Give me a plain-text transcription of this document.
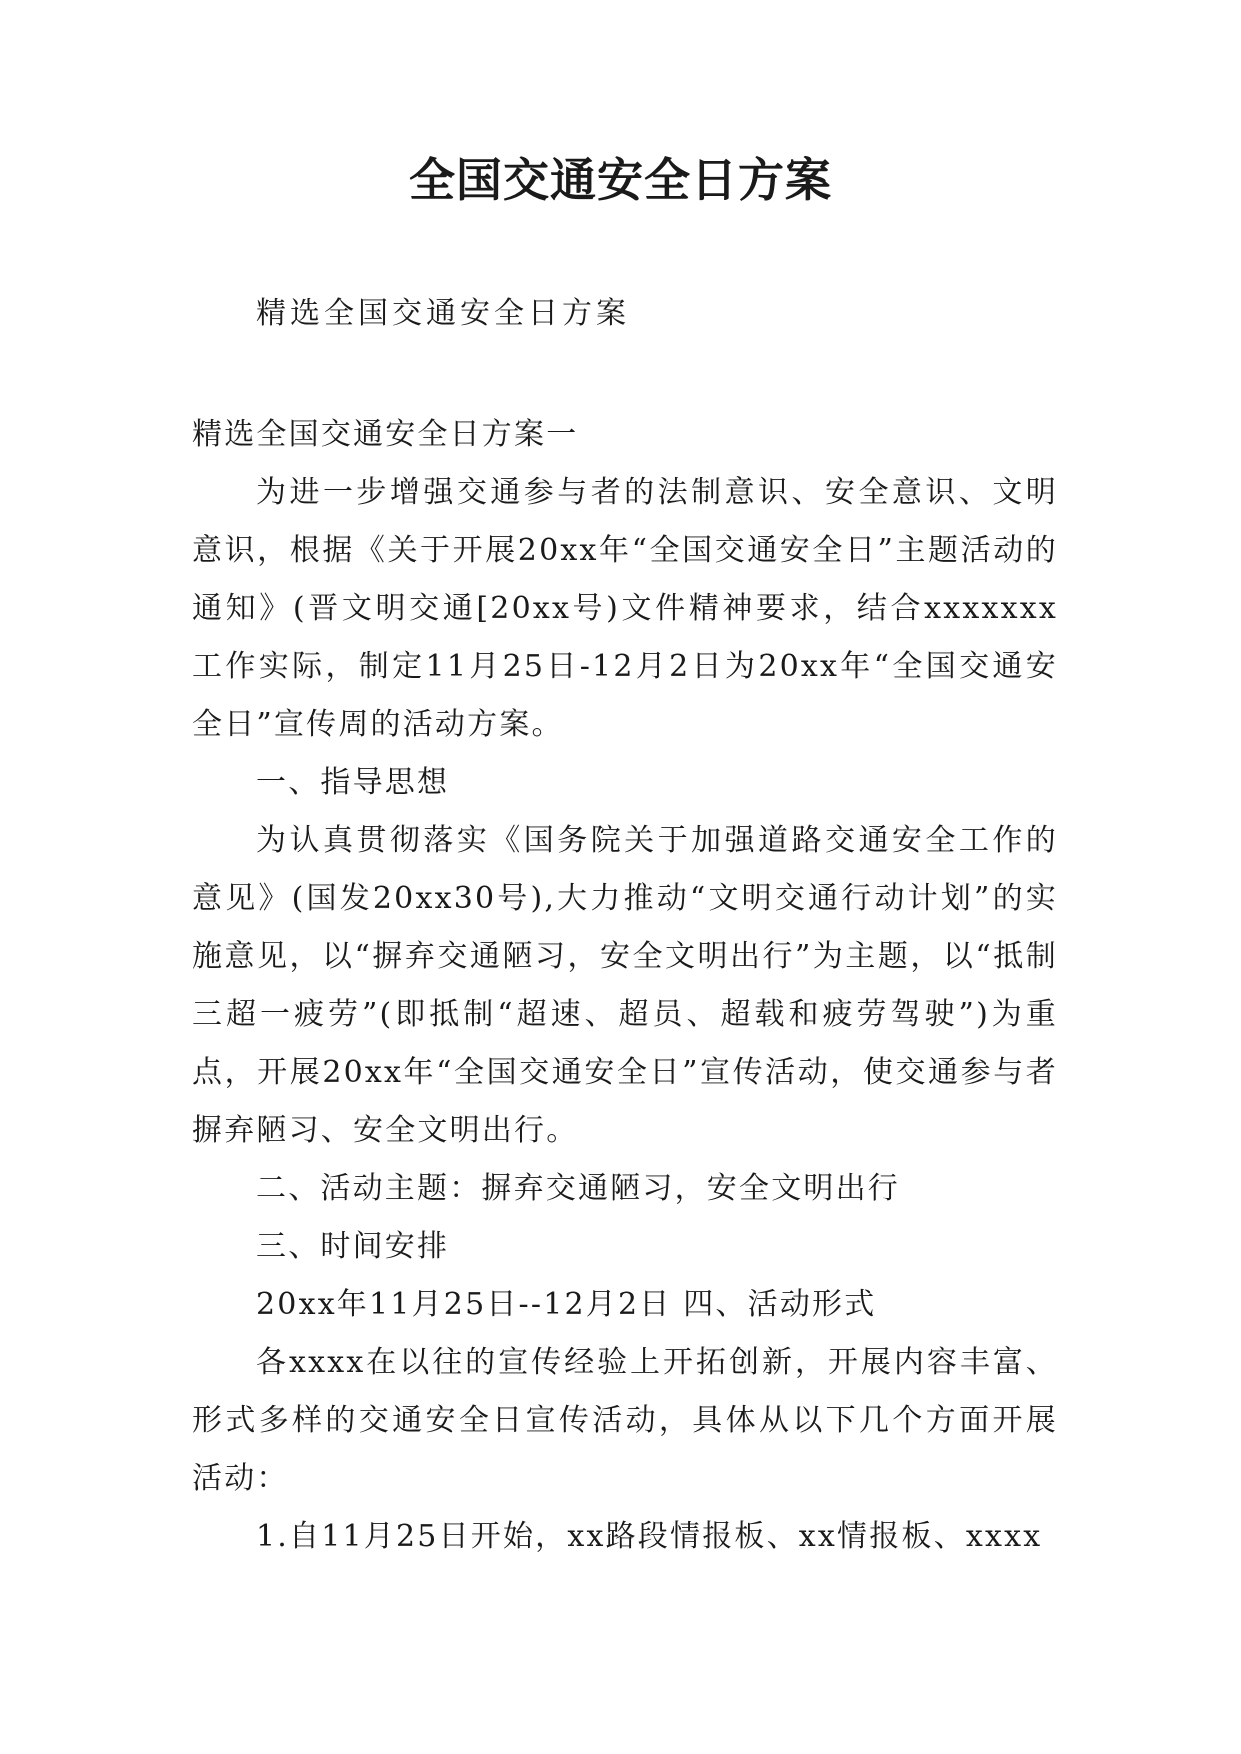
全国交通安全日方案

精选全国交通安全日方案

精选全国交通安全日方案一

为进一步增强交通参与者的法制意识、安全意识、文明意识，根据《关于开展20xx年“全国交通安全日”主题活动的通知》(晋文明交通[20xx号)文件精神要求，结合xxxxxxx工作实际，制定11月25日-12月2日为20xx年“全国交通安全日”宣传周的活动方案。

一、指导思想

为认真贯彻落实《国务院关于加强道路交通安全工作的意见》(国发20xx30号),大力推动“文明交通行动计划”的实施意见，以“摒弃交通陋习，安全文明出行”为主题，以“抵制三超一疲劳”(即抵制“超速、超员、超载和疲劳驾驶”)为重点，开展20xx年“全国交通安全日”宣传活动，使交通参与者摒弃陋习、安全文明出行。

二、活动主题：摒弃交通陋习，安全文明出行

三、时间安排

20xx年11月25日--12月2日 四、活动形式

各xxxx在以往的宣传经验上开拓创新，开展内容丰富、形式多样的交通安全日宣传活动，具体从以下几个方面开展活动：

1.自11月25日开始，xx路段情报板、xx情报板、xxxx
